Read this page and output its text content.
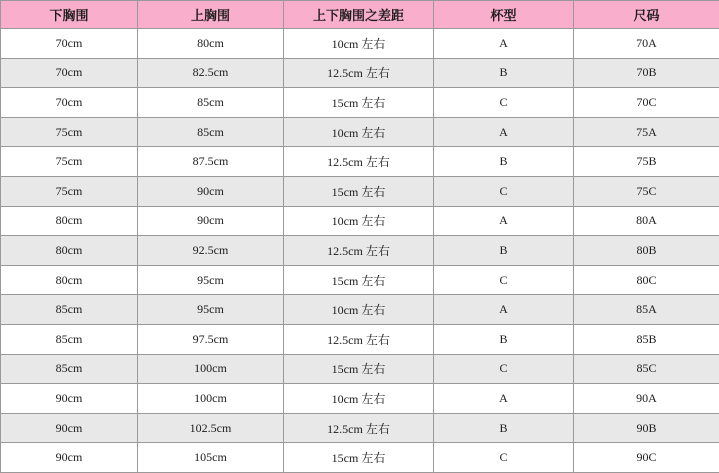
下胸围	上胸围	上下胸围之差距	杯型	尺码
70cm	80cm	10cm 左右	A	70A
70cm	82.5cm	12.5cm 左右	B	70B
70cm	85cm	15cm 左右	C	70C
75cm	85cm	10cm 左右	A	75A
75cm	87.5cm	12.5cm 左右	B	75B
75cm	90cm	15cm 左右	C	75C
80cm	90cm	10cm 左右	A	80A
80cm	92.5cm	12.5cm 左右	B	80B
80cm	95cm	15cm 左右	C	80C
85cm	95cm	10cm 左右	A	85A
85cm	97.5cm	12.5cm 左右	B	85B
85cm	100cm	15cm 左右	C	85C
90cm	100cm	10cm 左右	A	90A
90cm	102.5cm	12.5cm 左右	B	90B
90cm	105cm	15cm 左右	C	90C
